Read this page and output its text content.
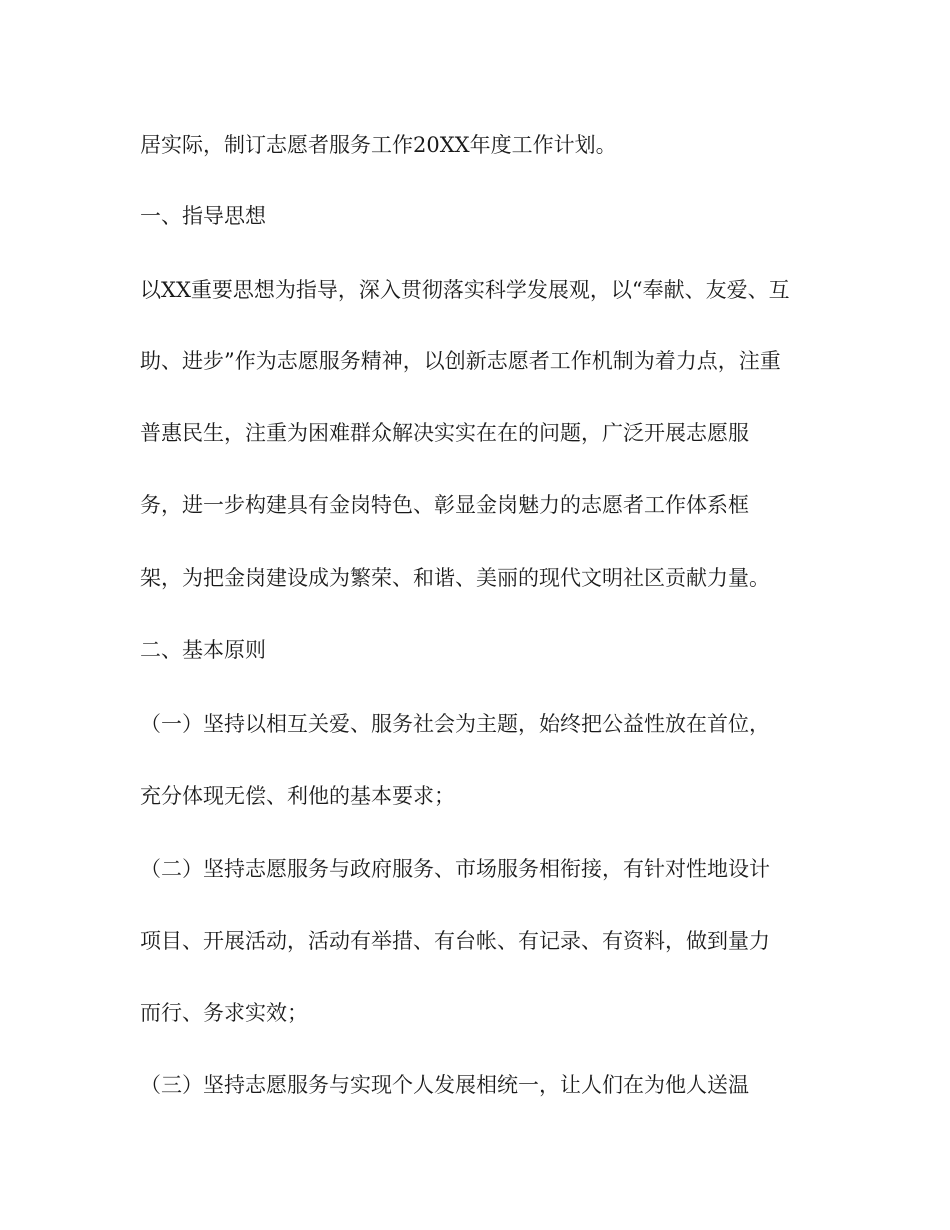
居实际，制订志愿者服务工作20XX年度工作计划。
一、指导思想
以XX重要思想为指导，深入贯彻落实科学发展观，以“奉献、友爱、互
助、进步”作为志愿服务精神，以创新志愿者工作机制为着力点，注重
普惠民生，注重为困难群众解决实实在在的问题，广泛开展志愿服
务，进一步构建具有金岗特色、彰显金岗魅力的志愿者工作体系框
架，为把金岗建设成为繁荣、和谐、美丽的现代文明社区贡献力量。
二、基本原则
（一）坚持以相互关爱、服务社会为主题，始终把公益性放在首位，
充分体现无偿、利他的基本要求；
（二）坚持志愿服务与政府服务、市场服务相衔接，有针对性地设计
项目、开展活动，活动有举措、有台帐、有记录、有资料，做到量力
而行、务求实效；
（三）坚持志愿服务与实现个人发展相统一，让人们在为他人送温
